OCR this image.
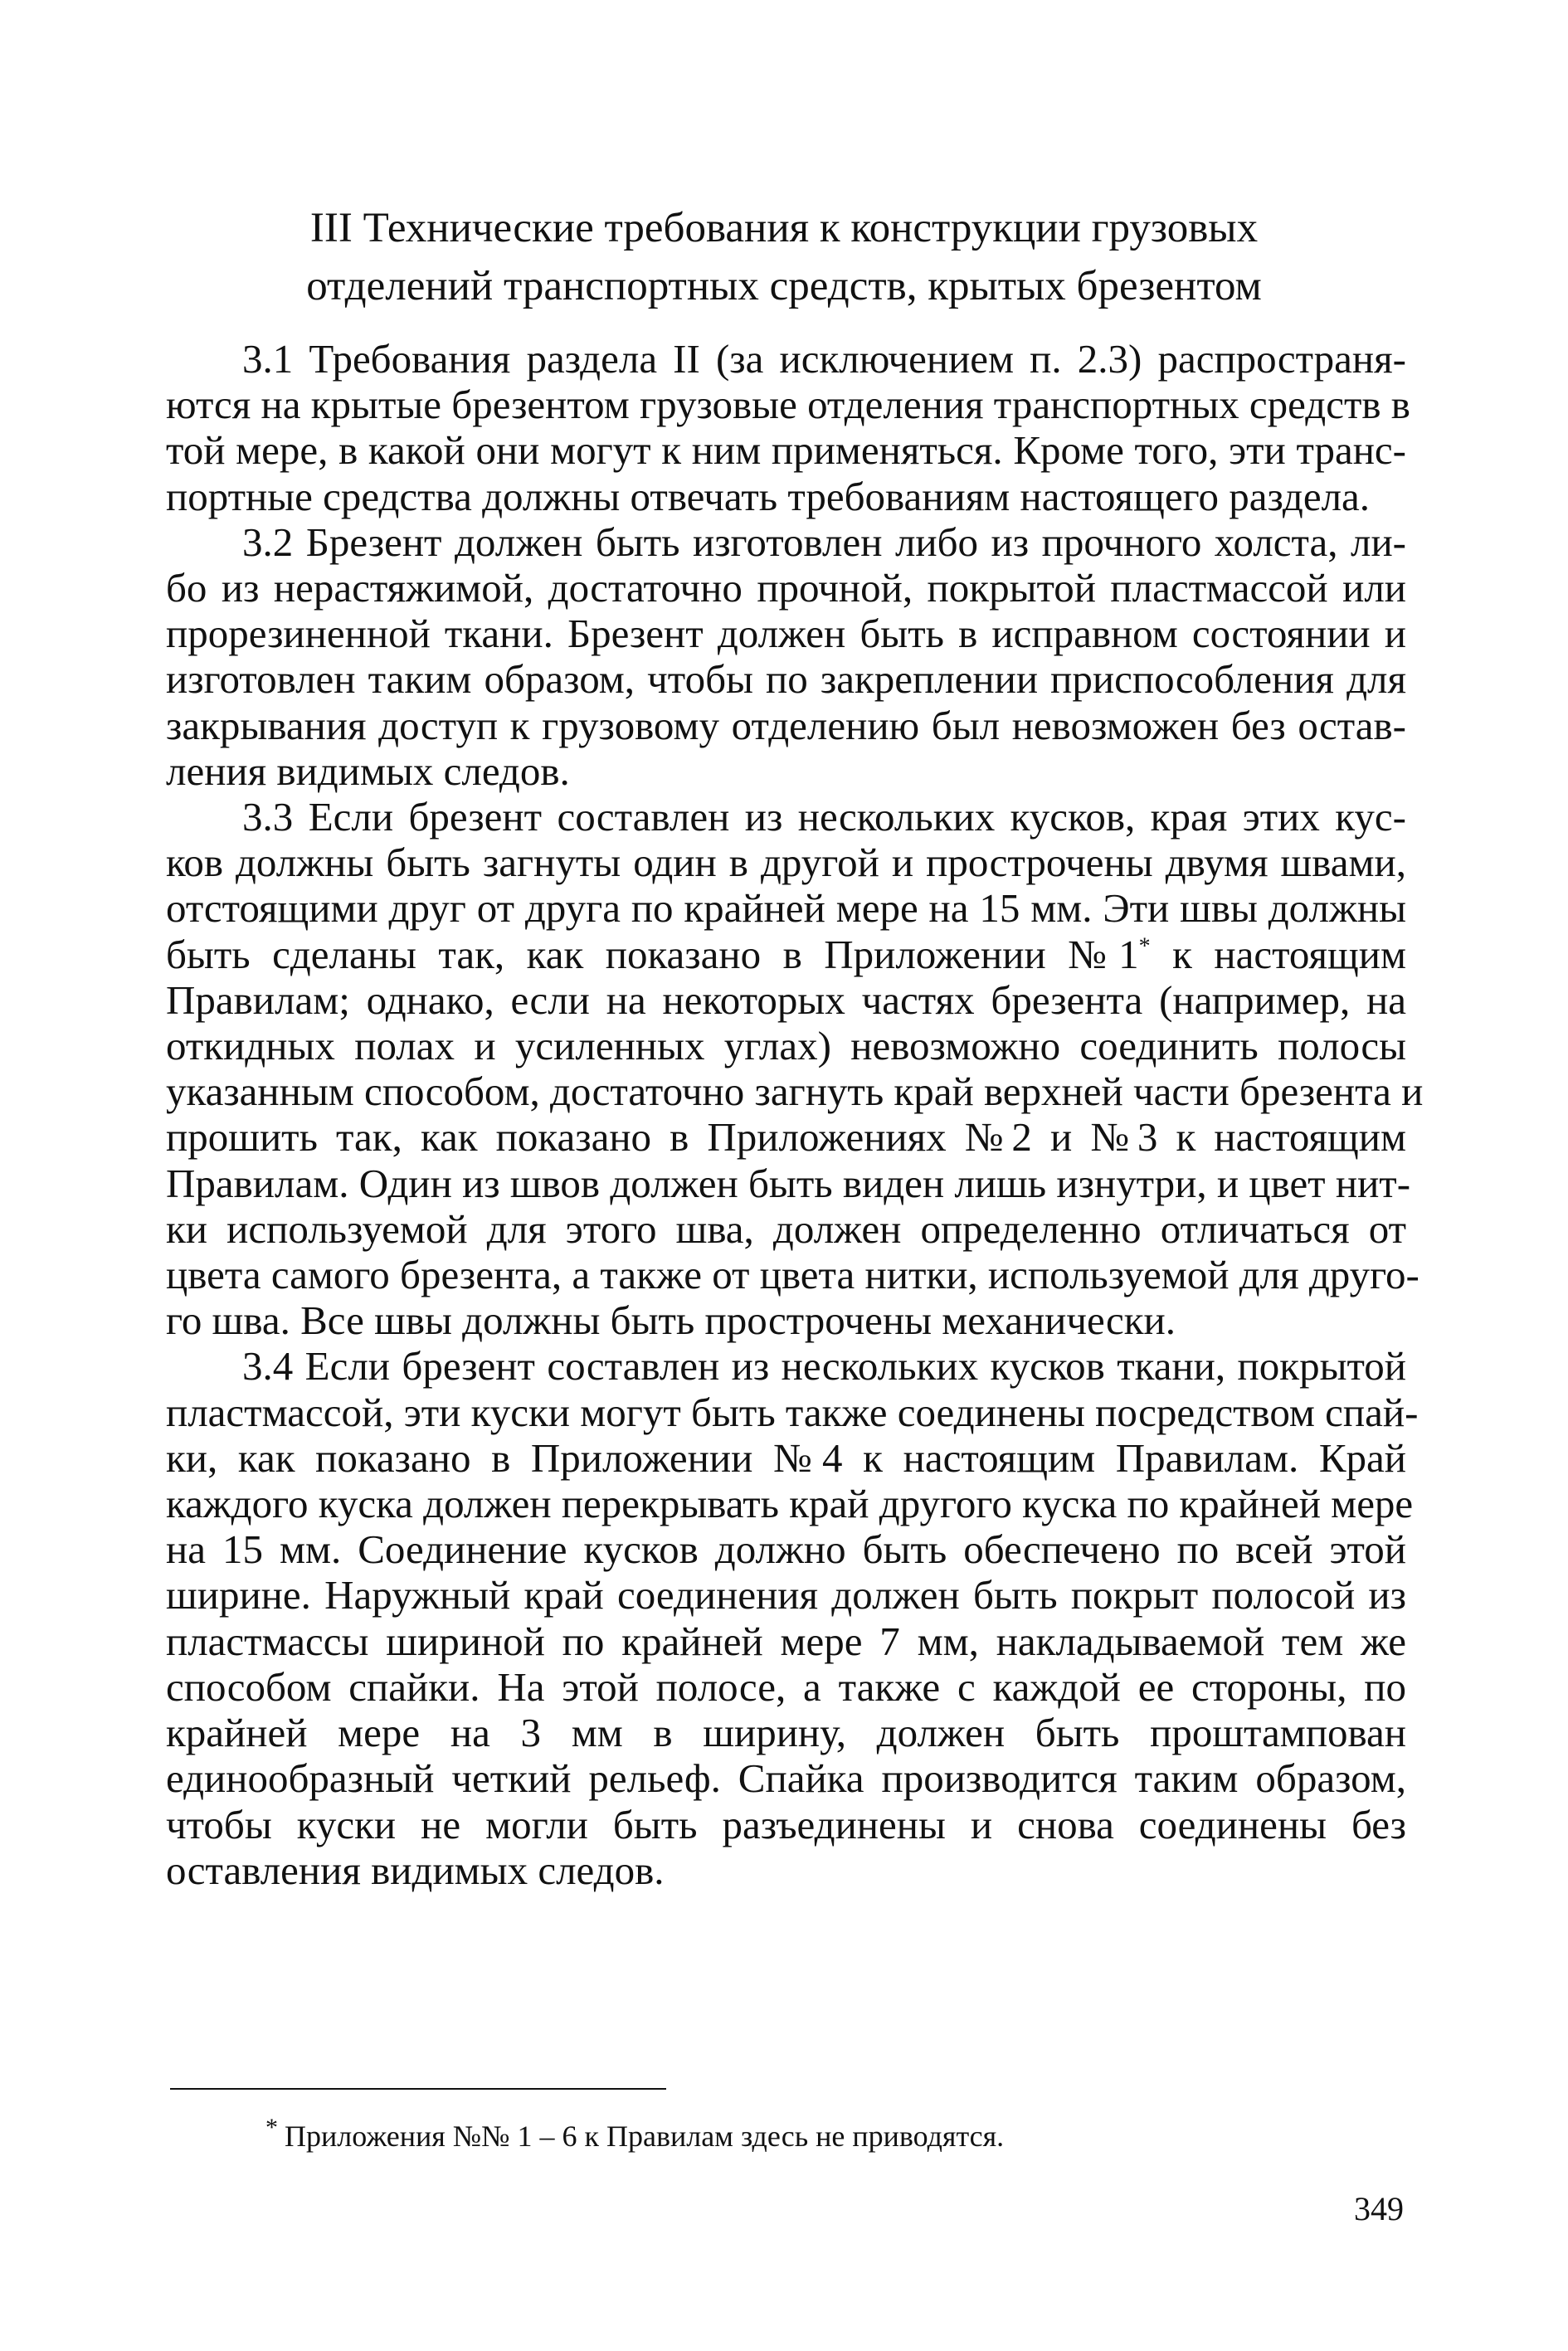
III Технические требования к конструкции грузовых
отделений транспортных средств, крытых брезентом

3.1 Требования раздела II (за исключением п. 2.3) распространя-
ются на крытые брезентом грузовые отделения транспортных средств в
той мере, в какой они могут к ним применяться. Кроме того, эти транс-
портные средства должны отвечать требованиям настоящего раздела.

3.2 Брезент должен быть изготовлен либо из прочного холста, ли-
бо из нерастяжимой, достаточно прочной, покрытой пластмассой или
прорезиненной ткани. Брезент должен быть в исправном состоянии и
изготовлен таким образом, чтобы по закреплении приспособления для
закрывания доступ к грузовому отделению был невозможен без остав-
ления видимых следов.

3.3 Если брезент составлен из нескольких кусков, края этих кус-
ков должны быть загнуты один в другой и прострочены двумя швами,
отстоящими друг от друга по крайней мере на 15 мм. Эти швы должны
быть сделаны так, как показано в Приложении №1* к настоящим
Правилам; однако, если на некоторых частях брезента (например, на
откидных полах и усиленных углах) невозможно соединить полосы
указанным способом, достаточно загнуть край верхней части брезента и
прошить так, как показано в Приложениях №2 и №3 к настоящим
Правилам. Один из швов должен быть виден лишь изнутри, и цвет нит-
ки используемой для этого шва, должен определенно отличаться от
цвета самого брезента, а также от цвета нитки, используемой для друго-
го шва. Все швы должны быть прострочены механически.

3.4 Если брезент составлен из нескольких кусков ткани, покрытой
пластмассой, эти куски могут быть также соединены посредством спай-
ки, как показано в Приложении №4 к настоящим Правилам. Край
каждого куска должен перекрывать край другого куска по крайней мере
на 15 мм. Соединение кусков должно быть обеспечено по всей этой
ширине. Наружный край соединения должен быть покрыт полосой из
пластмассы шириной по крайней мере 7 мм, накладываемой тем же
способом спайки. На этой полосе, а также с каждой ее стороны, по
крайней мере на 3 мм в ширину, должен быть проштампован
единообразный четкий рельеф. Спайка производится таким образом,
чтобы куски не могли быть разъединены и снова соединены без
оставления видимых следов.

* Приложения №№ 1 – 6 к Правилам здесь не приводятся.
349
